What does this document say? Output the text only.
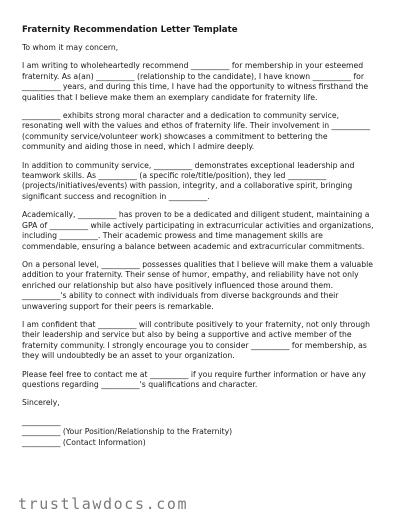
Fraternity Recommendation Letter Template

To whom it may concern,

I am writing to wholeheartedly recommend __________ for membership in your esteemed
fraternity. As a(an) __________ (relationship to the candidate), I have known __________ for
__________ years, and during this time, I have had the opportunity to witness firsthand the
qualities that I believe make them an exemplary candidate for fraternity life.

__________ exhibits strong moral character and a dedication to community service,
resonating well with the values and ethos of fraternity life. Their involvement in __________
(community service/volunteer work) showcases a commitment to bettering the
community and aiding those in need, which I admire deeply.

In addition to community service, __________ demonstrates exceptional leadership and
teamwork skills. As __________ (a specific role/title/position), they led __________
(projects/initiatives/events) with passion, integrity, and a collaborative spirit, bringing
significant success and recognition in __________.

Academically, __________ has proven to be a dedicated and diligent student, maintaining a
GPA of __________ while actively participating in extracurricular activities and organizations,
including __________. Their academic prowess and time management skills are
commendable, ensuring a balance between academic and extracurricular commitments.

On a personal level, __________ possesses qualities that I believe will make them a valuable
addition to your fraternity. Their sense of humor, empathy, and reliability have not only
enriched our relationship but also have positively influenced those around them.
__________'s ability to connect with individuals from diverse backgrounds and their
unwavering support for their peers is remarkable.

I am confident that __________ will contribute positively to your fraternity, not only through
their leadership and service but also by being a supportive and active member of the
fraternity community. I strongly encourage you to consider __________ for membership, as
they will undoubtedly be an asset to your organization.

Please feel free to contact me at __________ if you require further information or have any
questions regarding __________'s qualifications and character.

Sincerely,

__________
__________ (Your Position/Relationship to the Fraternity)
__________ (Contact Information)

trustlawdocs.com
